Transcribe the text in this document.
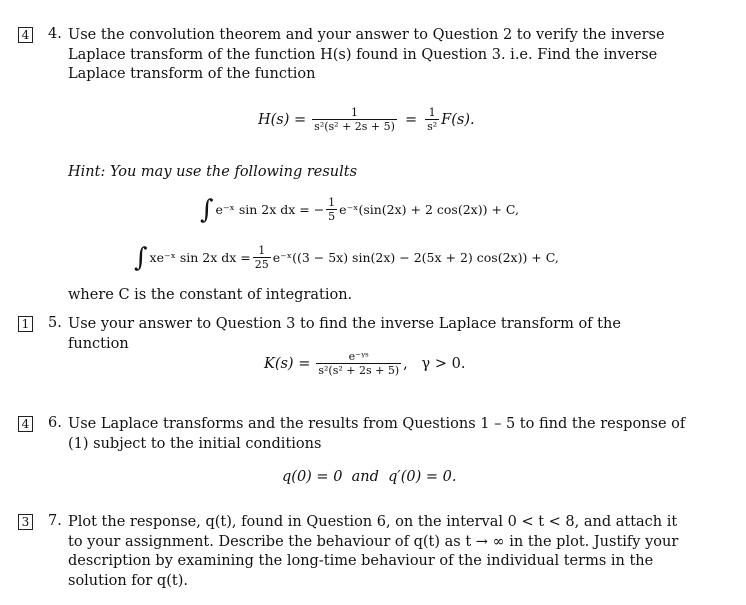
4 4. Use the convolution theorem and your answer to Question 2 to verify the inverse Laplace transform of the function H(s) found in Question 3. i.e. Find the inverse Laplace transform of the function
$H(s) = \frac{1}{\text{s²(s² + 2s + 5)}} = \frac{1}{\text{s²}} F(s)$.
Hint: You may use the following results
∫ e⁻ˣ sin 2x dx = − $\frac{1}{5}$ e⁻ˣ(sin(2x) + 2 cos(2x)) + C,
∫ xe⁻ˣ sin 2x dx = $\frac{1}{25}$ e⁻ˣ((3 − 5x) sin(2x) − 2(5x + 2) cos(2x)) + C,
where C is the constant of integration.
1 5. Use your answer to Question 3 to find the inverse Laplace transform of the function
$K(s) = \frac{\text{e⁻ᵞˢ}}{\text{s²(s² + 2s + 5)}}$ ,   γ > 0.
4 6. Use Laplace transforms and the results from Questions 1 – 5 to find the response of (1) subject to the initial conditions
q(0) = 0  and  q′(0) = 0.
3 7. Plot the response, q(t), found in Question 6, on the interval 0 < t < 8, and attach it to your assignment. Describe the behaviour of q(t) as t → ∞ in the plot. Justify your description by examining the long-time behaviour of the individual terms in the solution for q(t).
